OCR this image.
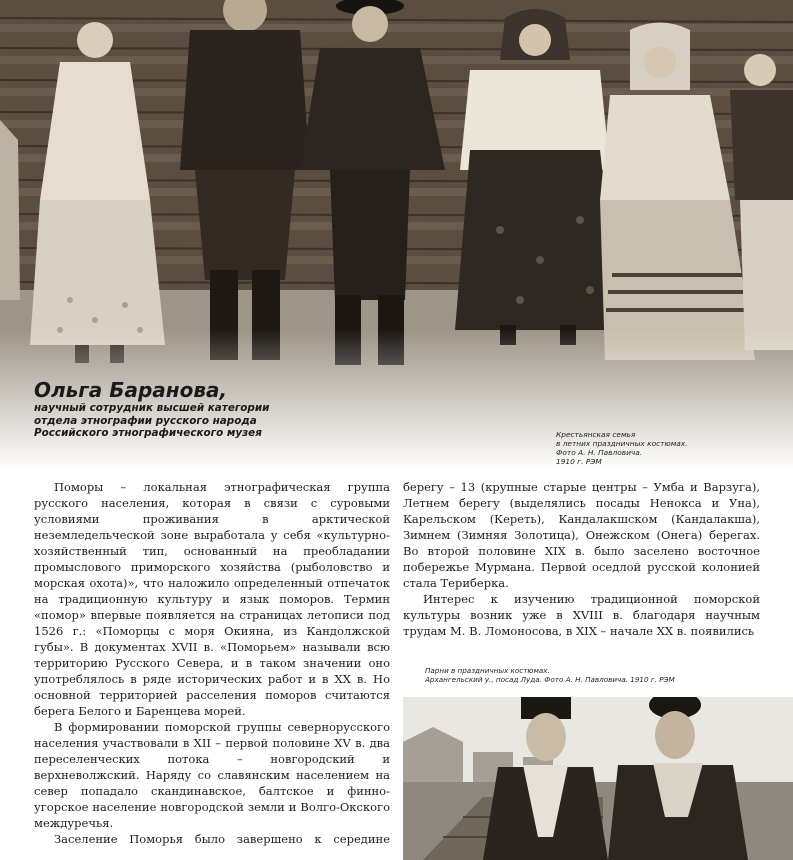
Ольга Баранова,
научный сотрудник высшей категории
отдела этнографии русского народа
Российского этнографического музея	Крестьянская семья
в летних праздничных костюмах.
Фото А. Н. Павловича.
1910 г. РЭМ

Поморы – локальная этнографическая группа русского населения, которая в связи с суровыми условиями проживания в арктической неземледельческой зоне выработала у себя «культурно-хозяйственный тип, основанный на преобладании промыслового приморского хозяйства (рыболовство и морская охота)», что наложило определенный отпечаток на традиционную культуру и язык поморов. Термин «помор» впервые появляется на страницах летописи под 1526 г.: «Поморцы с моря Окияна, из Кандолжской губы». В документах XVII в. «Поморьем» называли всю территорию Русского Севера, и в таком значении оно употреблялось в ряде исторических работ и в XX в. Но основной территорией расселения поморов считаются берега Белого и Баренцева морей.

В формировании поморской группы севернорусского населения участвовали в XII – первой половине XV в. два переселенческих потока – новгородский и верхневолжский. Наряду со славянским населением на север попадало скандинавское, балтское и финно-угорское население новгородской земли и Волго-Окского междуречья.

Заселение Поморья было завершено к середине

берегу – 13 (крупные старые центры – Умба и Варзуга), Летнем берегу (выделялись посады Ненокса и Уна), Карельском (Кереть), Кандалакшском (Кандалакша), Зимнем (Зимняя Золотица), Онежском (Онега) берегах. Во второй половине XIX в. было заселено восточное побережье Мурмана. Первой оседлой русской колонией стала Териберка.

Интерес к изучению традиционной поморской культуры возник уже в XVIII в. благодаря научным трудам М. В. Ломоносова, в XIX – начале XX в. появились

Парни в праздничных костюмах.
Архангельский у., посад Луда. Фото А. Н. Павловича. 1910 г. РЭМ
